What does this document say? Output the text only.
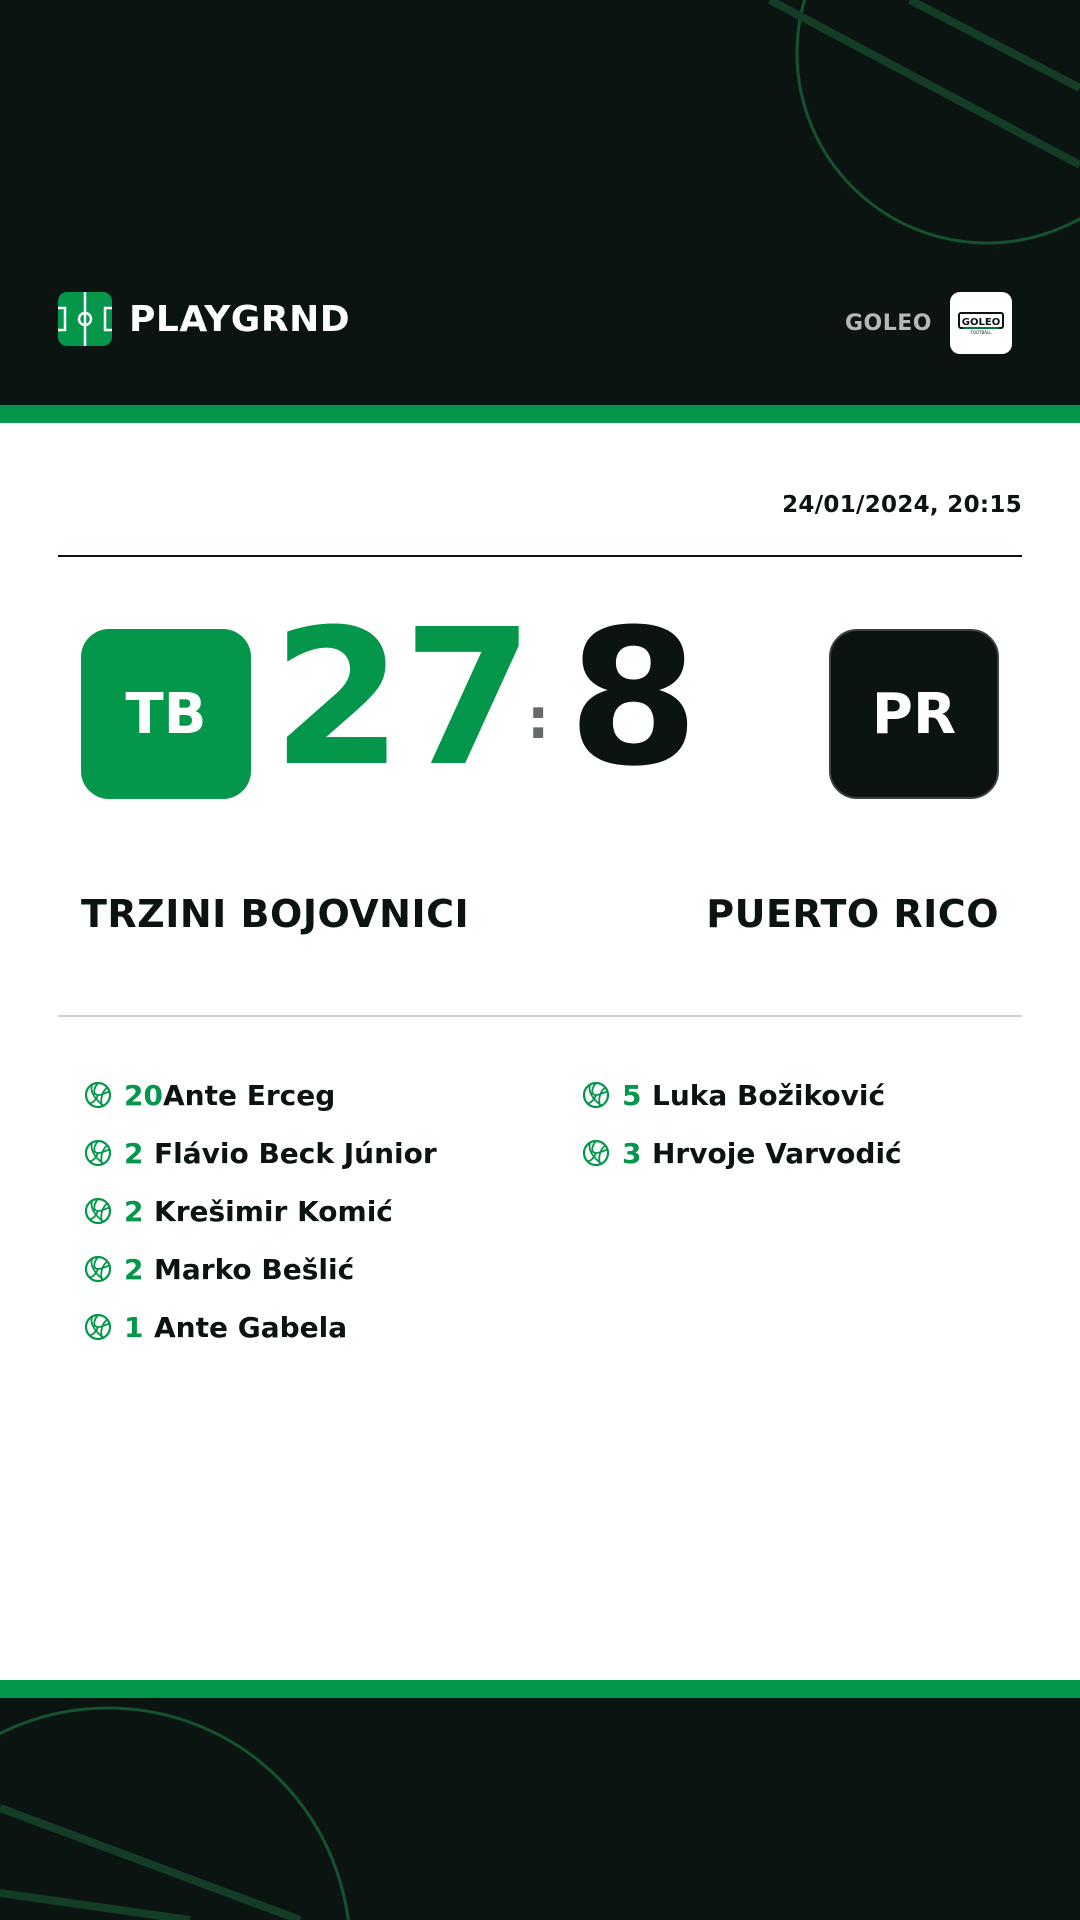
PLAYGRND	GOLEO	GOLEO
FOOTBALL
24/01/2024, 20:15
TB 27
: 8	PR
TRZINI BOJOVNICI	PUERTO RICO
20 Ante Erceg
2 Flávio Beck Júnior
2 Krešimir Komić
2 Marko Bešlić
1 Ante Gabela
5 Luka Božiković
3 Hrvoje Varvodić
